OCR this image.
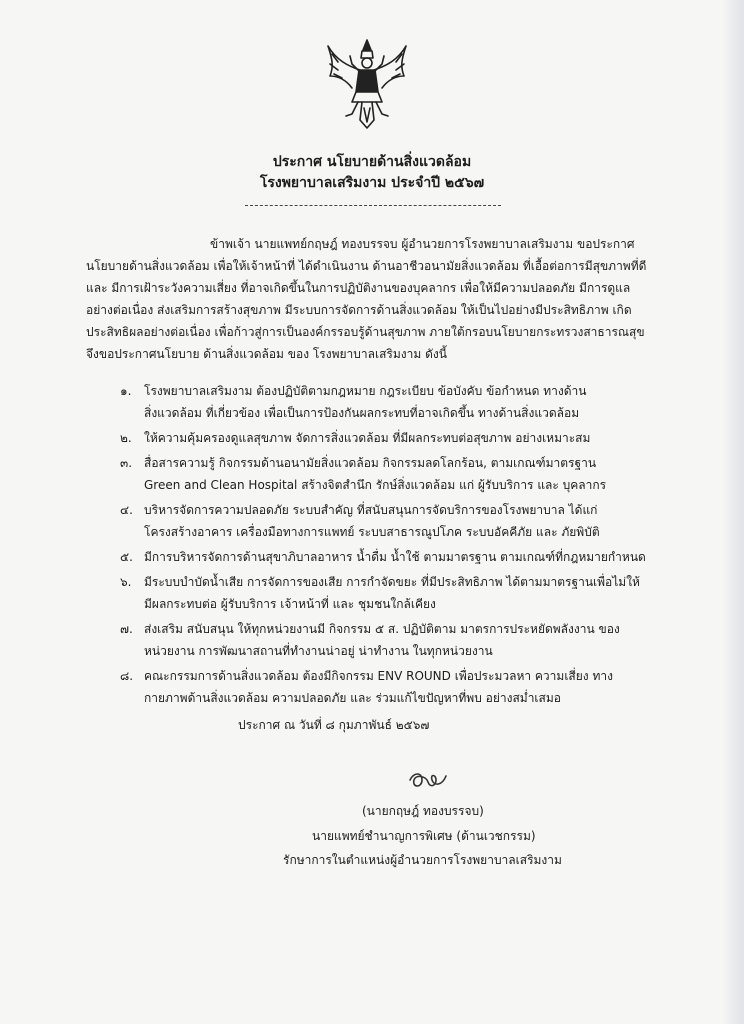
ประกาศ นโยบายด้านสิ่งแวดล้อม
โรงพยาบาลเสริมงาม ประจำปี ๒๕๖๗
ข้าพเจ้า นายแพทย์กฤษฎ์ ทองบรรจบ ผู้อำนวยการโรงพยาบาลเสริมงาม ขอประกาศ
นโยบายด้านสิ่งแวดล้อม เพื่อให้เจ้าหน้าที่ ได้ดำเนินงาน ด้านอาชีวอนามัยสิ่งแวดล้อม ที่เอื้อต่อการมีสุขภาพที่ดี
และ มีการเฝ้าระวังความเสี่ยง ที่อาจเกิดขึ้นในการปฏิบัติงานของบุคลากร เพื่อให้มีความปลอดภัย มีการดูแล
อย่างต่อเนื่อง ส่งเสริมการสร้างสุขภาพ มีระบบการจัดการด้านสิ่งแวดล้อม ให้เป็นไปอย่างมีประสิทธิภาพ เกิด
ประสิทธิผลอย่างต่อเนื่อง เพื่อก้าวสู่การเป็นองค์กรรอบรู้ด้านสุขภาพ ภายใต้กรอบนโยบายกระทรวงสาธารณสุข
จึงขอประกาศนโยบาย ด้านสิ่งแวดล้อม ของ โรงพยาบาลเสริมงาม ดังนี้
๑. โรงพยาบาลเสริมงาม ต้องปฏิบัติตามกฎหมาย กฎระเบียบ ข้อบังคับ ข้อกำหนด ทางด้าน
สิ่งแวดล้อม ที่เกี่ยวข้อง เพื่อเป็นการป้องกันผลกระทบที่อาจเกิดขึ้น ทางด้านสิ่งแวดล้อม
๒. ให้ความคุ้มครองดูแลสุขภาพ จัดการสิ่งแวดล้อม ที่มีผลกระทบต่อสุขภาพ อย่างเหมาะสม
๓. สื่อสารความรู้ กิจกรรมด้านอนามัยสิ่งแวดล้อม กิจกรรมลดโลกร้อน, ตามเกณฑ์มาตรฐาน
Green and Clean Hospital สร้างจิตสำนึก รักษ์สิ่งแวดล้อม แก่ ผู้รับบริการ และ บุคลากร
๔. บริหารจัดการความปลอดภัย ระบบสำคัญ ที่สนับสนุนการจัดบริการของโรงพยาบาล ได้แก่
โครงสร้างอาคาร เครื่องมือทางการแพทย์ ระบบสาธารณูปโภค ระบบอัคคีภัย และ ภัยพิบัติ
๕. มีการบริหารจัดการด้านสุขาภิบาลอาหาร น้ำดื่ม น้ำใช้ ตามมาตรฐาน ตามเกณฑ์ที่กฎหมายกำหนด
๖. มีระบบบำบัดน้ำเสีย การจัดการของเสีย การกำจัดขยะ ที่มีประสิทธิภาพ ได้ตามมาตรฐานเพื่อไม่ให้
มีผลกระทบต่อ ผู้รับบริการ เจ้าหน้าที่ และ ชุมชนใกล้เคียง
๗. ส่งเสริม สนับสนุน ให้ทุกหน่วยงานมี กิจกรรม ๕ ส. ปฏิบัติตาม มาตรการประหยัดพลังงาน ของ
หน่วยงาน การพัฒนาสถานที่ทำงานน่าอยู่ น่าทำงาน ในทุกหน่วยงาน
๘. คณะกรรมการด้านสิ่งแวดล้อม ต้องมีกิจกรรม ENV ROUND เพื่อประมวลหา ความเสี่ยง ทาง
กายภาพด้านสิ่งแวดล้อม ความปลอดภัย และ ร่วมแก้ไขปัญหาที่พบ อย่างสม่ำเสมอ
ประกาศ ณ วันที่ ๘ กุมภาพันธ์ ๒๕๖๗
(นายกฤษฎ์ ทองบรรจบ)
นายแพทย์ชำนาญการพิเศษ (ด้านเวชกรรม)
รักษาการในตำแหน่งผู้อำนวยการโรงพยาบาลเสริมงาม
